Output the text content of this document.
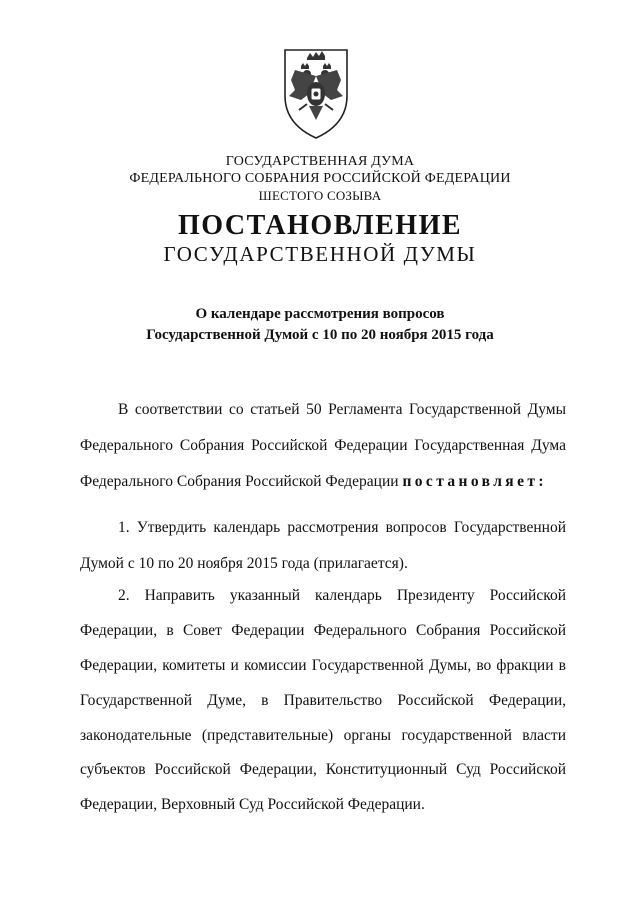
ГОСУДАРСТВЕННАЯ ДУМА
ФЕДЕРАЛЬНОГО СОБРАНИЯ РОССИЙСКОЙ ФЕДЕРАЦИИ
ШЕСТОГО СОЗЫВА
ПОСТАНОВЛЕНИЕ
ГОСУДАРСТВЕННОЙ ДУМЫ
О календаре рассмотрения вопросов
Государственной Думой с 10 по 20 ноября 2015 года
В соответствии со статьей 50 Регламента Государственной Думы
Федерального Собрания Российской Федерации Государственная Дума
Федерального Собрания Российской Федерации постановляет:
1. Утвердить календарь рассмотрения вопросов Государственной
Думой с 10 по 20 ноября 2015 года (прилагается).
2. Направить указанный календарь Президенту Российской
Федерации, в Совет Федерации Федерального Собрания Российской
Федерации, комитеты и комиссии Государственной Думы, во фракции в
Государственной Думе, в Правительство Российской Федерации,
законодательные (представительные) органы государственной власти
субъектов Российской Федерации, Конституционный Суд Российской
Федерации, Верховный Суд Российской Федерации.
